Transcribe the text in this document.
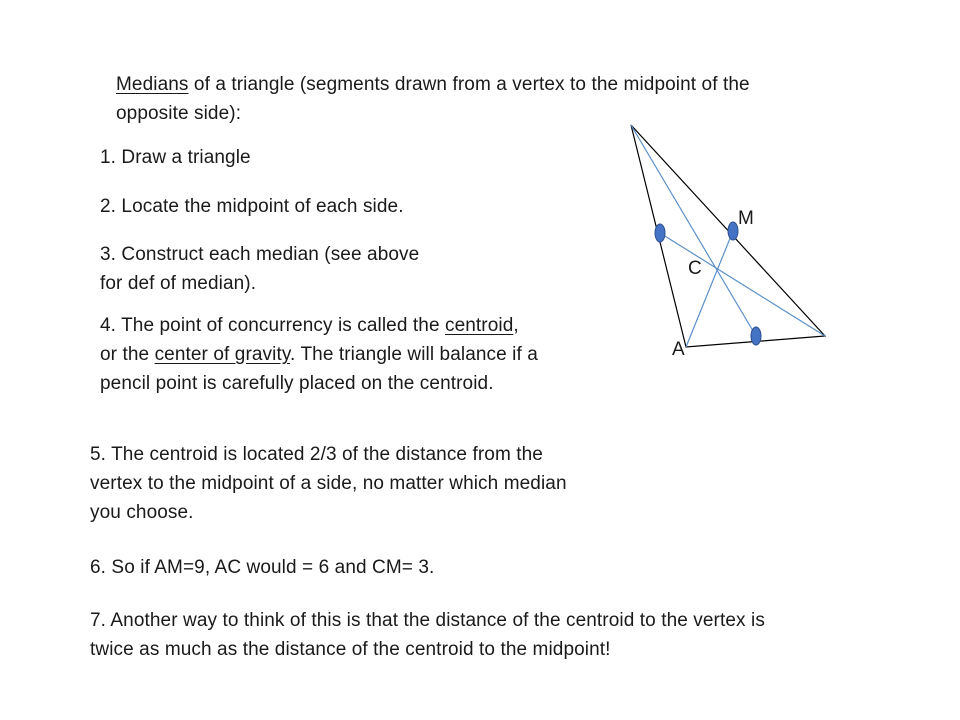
Medians of a triangle (segments drawn from a vertex to the midpoint of the opposite side):
1. Draw a triangle
2. Locate the midpoint of each side.
3. Construct each median (see above for def of median).
4. The point of concurrency is called the centroid, or the center of gravity. The triangle will balance if a pencil point is carefully placed on the centroid.
5. The centroid is located 2/3 of the distance from the vertex to the midpoint of a side, no matter which median you choose.
6. So if AM=9, AC would = 6 and CM= 3.
7. Another way to think of this is that the distance of the centroid to the vertex is twice as much as the distance of the centroid to the midpoint!
M
C
A
